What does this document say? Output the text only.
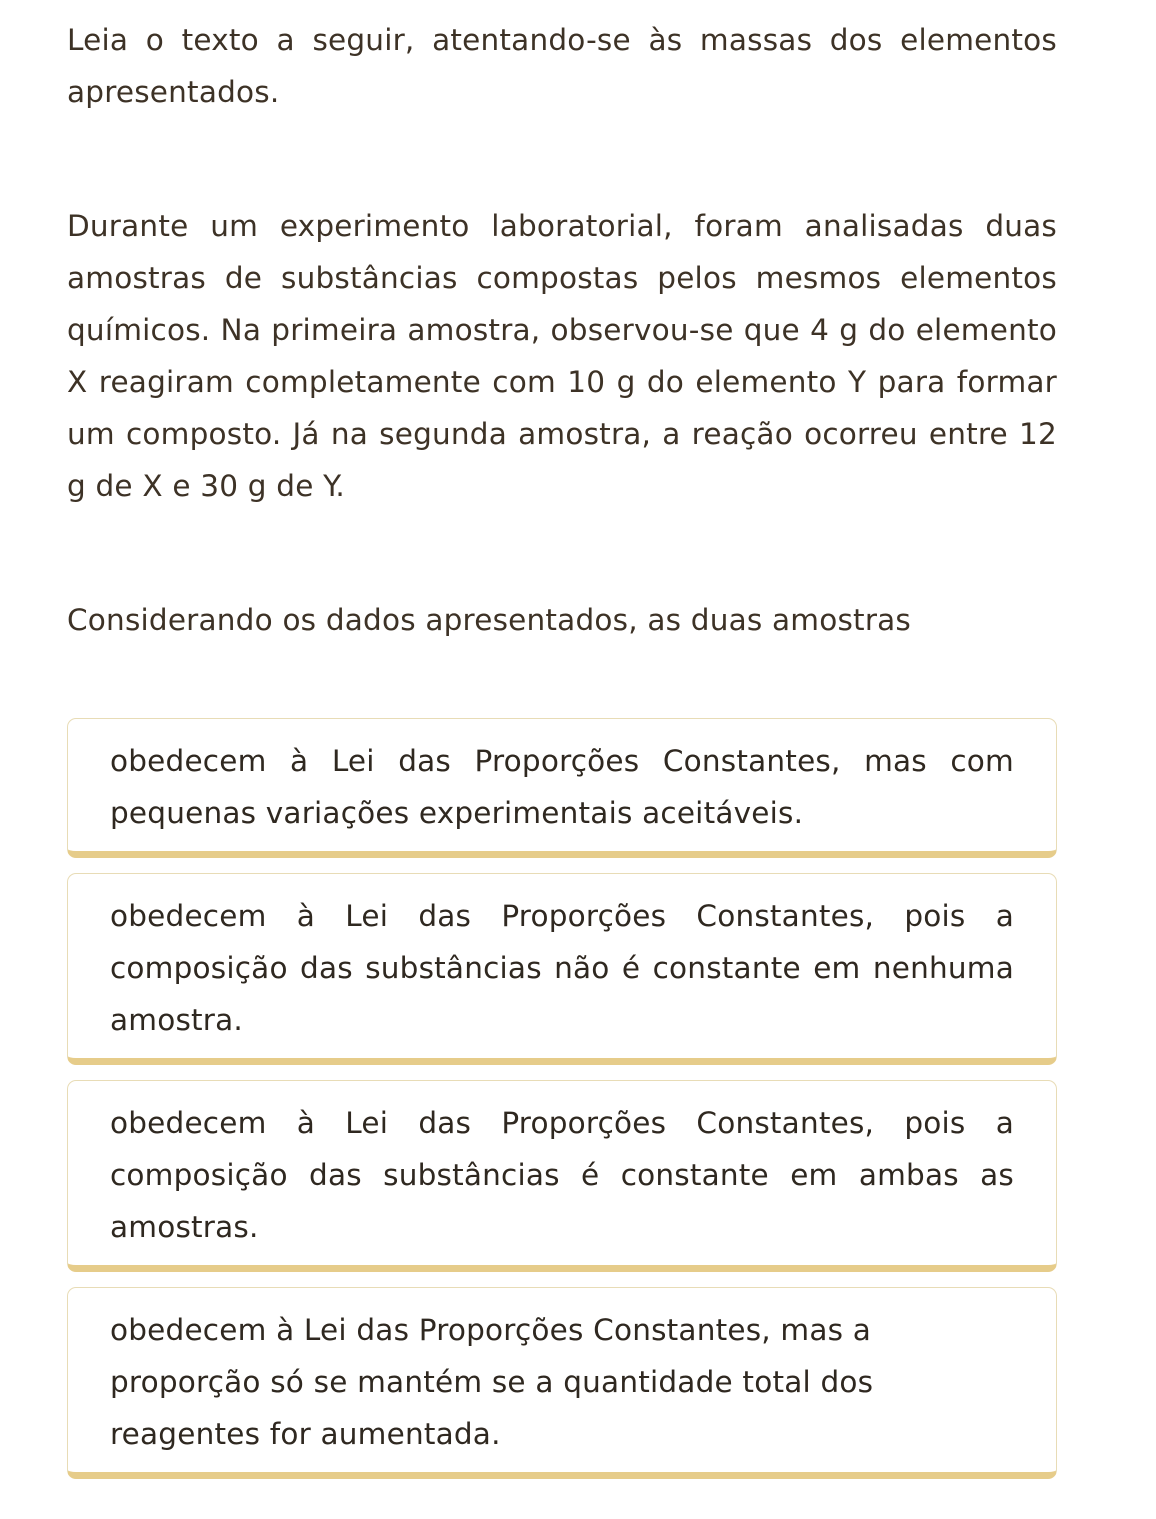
Leia o texto a seguir, atentando-se às massas dos elementos apresentados.

Durante um experimento laboratorial, foram analisadas duas amostras de substâncias compostas pelos mesmos elementos químicos. Na primeira amostra, observou-se que 4 g do elemento X reagiram completamente com 10 g do elemento Y para formar um composto. Já na segunda amostra, a reação ocorreu entre 12 g de X e 30 g de Y.

Considerando os dados apresentados, as duas amostras

obedecem à Lei das Proporções Constantes, mas com pequenas variações experimentais aceitáveis.
obedecem à Lei das Proporções Constantes, pois a composição das substâncias não é constante em nenhuma amostra.
obedecem à Lei das Proporções Constantes, pois a composição das substâncias é constante em ambas as amostras.
obedecem à Lei das Proporções Constantes, mas a proporção só se mantém se a quantidade total dos reagentes for aumentada.
